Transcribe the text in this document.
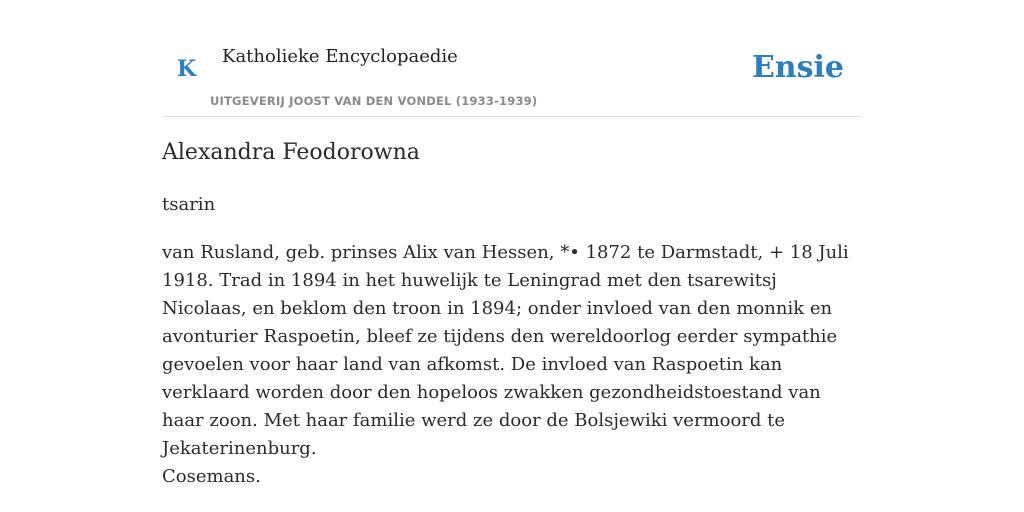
K Katholieke Encyclopaedie
UITGEVERIJ JOOST VAN DEN VONDEL (1933-1939)
Ensie
Alexandra Feodorowna

tsarin

van Rusland, geb. prinses Alix van Hessen, *• 1872 te Darmstadt, + 18 Juli 1918. Trad in 1894 in het huwelijk te Leningrad met den tsarewitsj Nicolaas, en beklom den troon in 1894; onder invloed van den monnik en avonturier Raspoetin, bleef ze tijdens den wereldoorlog eerder sympathie gevoelen voor haar land van afkomst. De invloed van Raspoetin kan verklaard worden door den hopeloos zwakken gezondheidstoestand van haar zoon. Met haar familie werd ze door de Bolsjewiki vermoord te Jekaterinenburg.

Cosemans.
